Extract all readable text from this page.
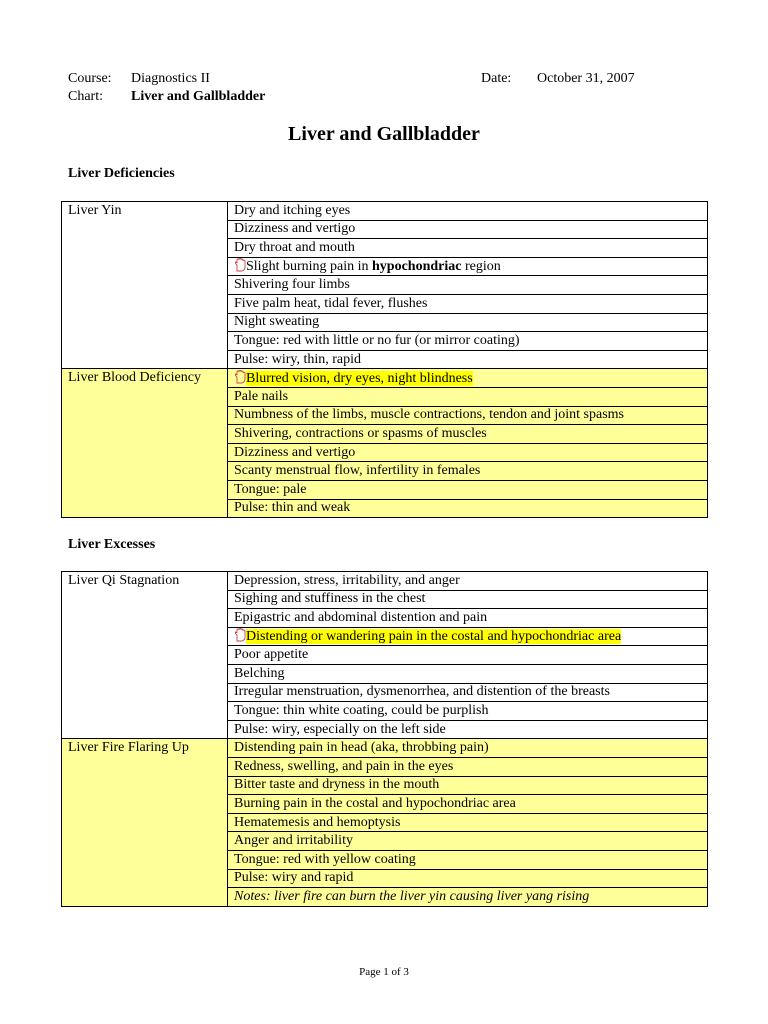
Course: Diagnostics II
Chart: Liver and Gallbladder
Date: October 31, 2007
Liver and Gallbladder
Liver Deficiencies
Liver Yin	Dry and itching eyes
	Dizziness and vertigo
	Dry throat and mouth
	Slight burning pain in hypochondriac region
	Shivering four limbs
	Five palm heat, tidal fever, flushes
	Night sweating
	Tongue: red with little or no fur (or mirror coating)
	Pulse: wiry, thin, rapid
Liver Blood Deficiency	Blurred vision, dry eyes, night blindness
	Pale nails
	Numbness of the limbs, muscle contractions, tendon and joint spasms
	Shivering, contractions or spasms of muscles
	Dizziness and vertigo
	Scanty menstrual flow, infertility in females
	Tongue: pale
	Pulse: thin and weak
Liver Excesses
Liver Qi Stagnation	Depression, stress, irritability, and anger
	Sighing and stuffiness in the chest
	Epigastric and abdominal distention and pain
	Distending or wandering pain in the costal and hypochondriac area
	Poor appetite
	Belching
	Irregular menstruation, dysmenorrhea, and distention of the breasts
	Tongue: thin white coating, could be purplish
	Pulse: wiry, especially on the left side
Liver Fire Flaring Up	Distending pain in head (aka, throbbing pain)
	Redness, swelling, and pain in the eyes
	Bitter taste and dryness in the mouth
	Burning pain in the costal and hypochondriac area
	Hematemesis and hemoptysis
	Anger and irritability
	Tongue: red with yellow coating
	Pulse: wiry and rapid
	Notes: liver fire can burn the liver yin causing liver yang rising
Page 1 of 3
